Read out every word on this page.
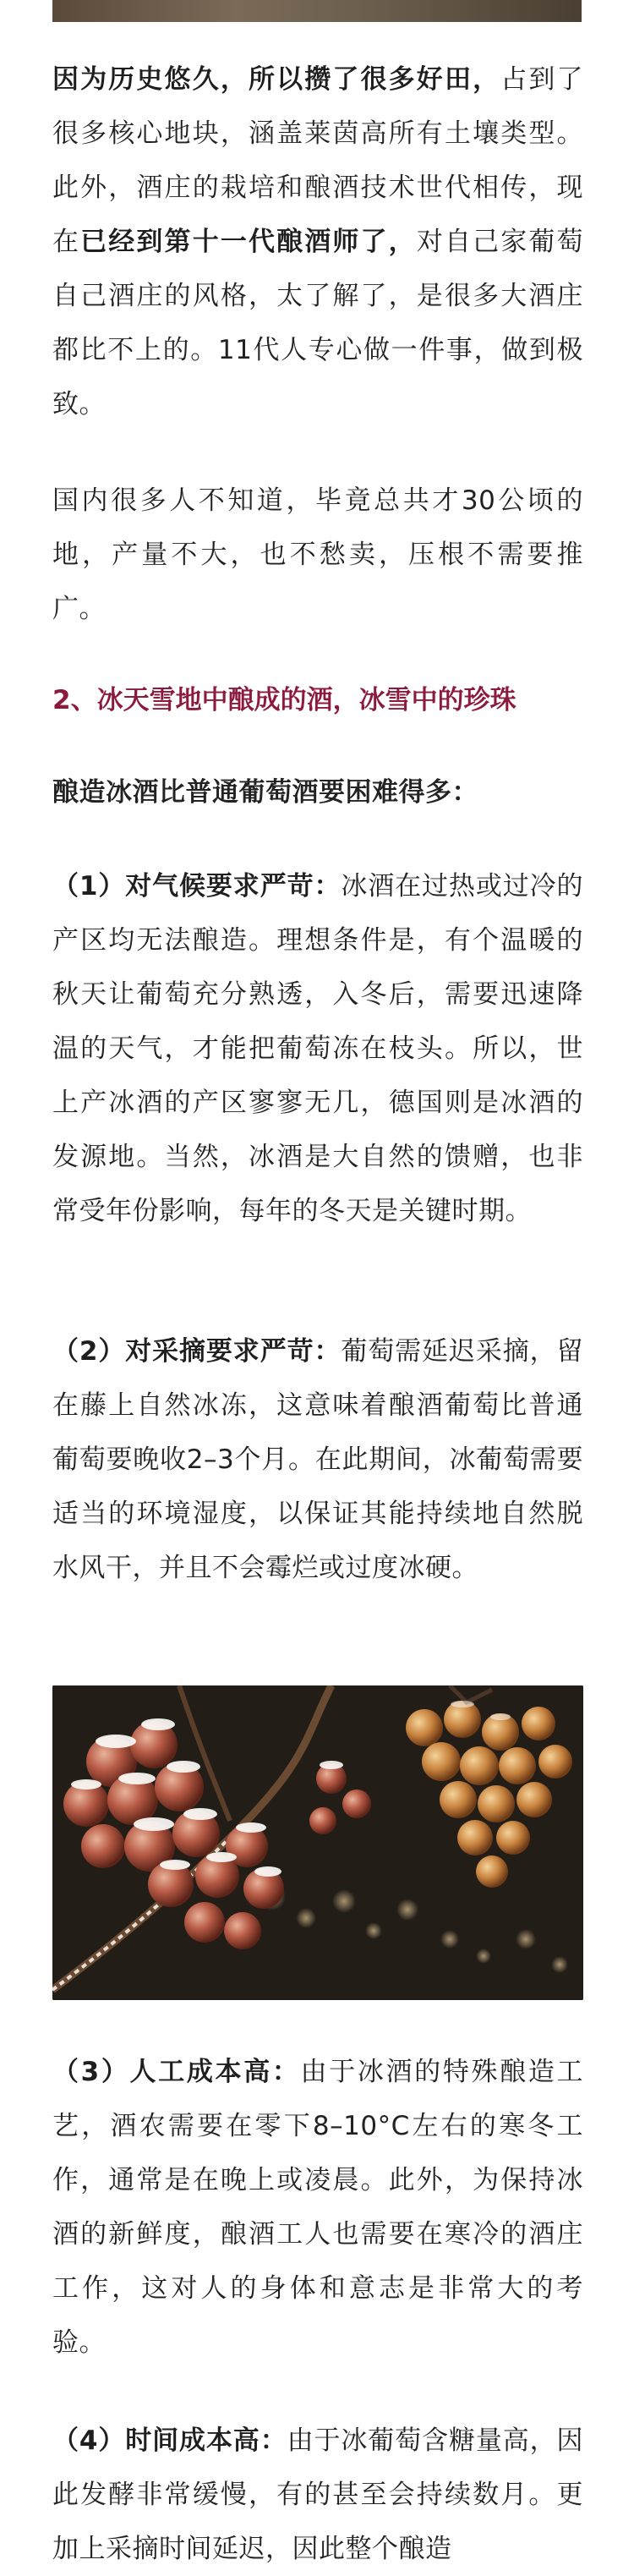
因为历史悠久，所以攒了很多好田，占到了很多核心地块，涵盖莱茵高所有土壤类型。此外，酒庄的栽培和酿酒技术世代相传，现在已经到第十一代酿酒师了，对自己家葡萄自己酒庄的风格，太了解了，是很多大酒庄都比不上的。11代人专心做一件事，做到极致。

国内很多人不知道，毕竟总共才30公顷的地，产量不大，也不愁卖，压根不需要推广。

2、冰天雪地中酿成的酒，冰雪中的珍珠

酿造冰酒比普通葡萄酒要困难得多：

（1）对气候要求严苛：冰酒在过热或过冷的产区均无法酿造。理想条件是，有个温暖的秋天让葡萄充分熟透，入冬后，需要迅速降温的天气，才能把葡萄冻在枝头。所以，世上产冰酒的产区寥寥无几，德国则是冰酒的发源地。当然，冰酒是大自然的馈赠，也非常受年份影响，每年的冬天是关键时期。

（2）对采摘要求严苛：葡萄需延迟采摘，留在藤上自然冰冻，这意味着酿酒葡萄比普通葡萄要晚收2–3个月。在此期间，冰葡萄需要适当的环境湿度，以保证其能持续地自然脱水风干，并且不会霉烂或过度冰硬。

（3）人工成本高：由于冰酒的特殊酿造工艺，酒农需要在零下8–10°C左右的寒冬工作，通常是在晚上或凌晨。此外，为保持冰酒的新鲜度，酿酒工人也需要在寒冷的酒庄工作，这对人的身体和意志是非常大的考验。

（4）时间成本高：由于冰葡萄含糖量高，因此发酵非常缓慢，有的甚至会持续数月。更加上采摘时间延迟，因此整个酿造
